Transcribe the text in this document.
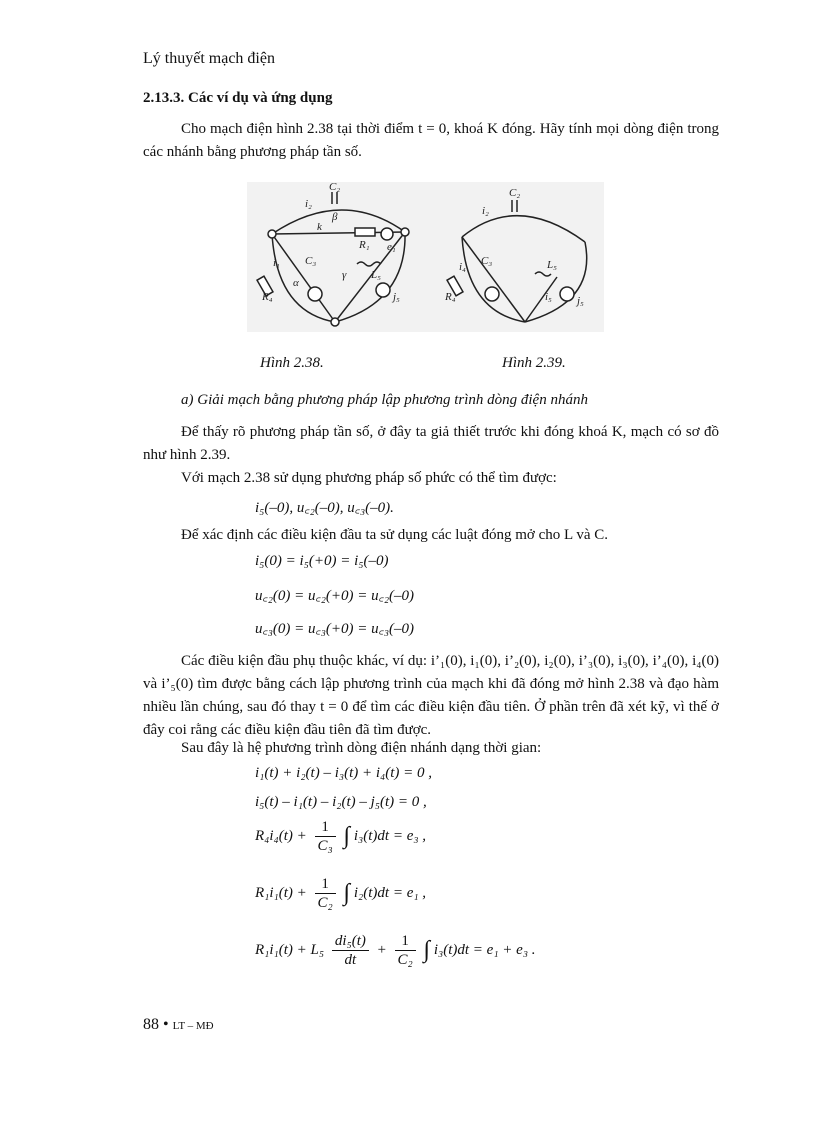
Lý thuyết mạch điện
2.13.3. Các ví dụ và ứng dụng
Cho mạch điện hình 2.38 tại thời điểm t = 0, khoá K đóng. Hãy tính mọi dòng điện trong các nhánh bằng phương pháp tần số.
i₂
C₂
β
k
R₁ e₁
i₁ C₃
L₅
R₄
α
γ
j₅
i₂
C₂
i₄ C₃
i₅
L₅
R₄	j₅
Hình 2.38.	Hình 2.39.
a) Giải mạch bằng phương pháp lập phương trình dòng điện nhánh
Để thấy rõ phương pháp tần số, ở đây ta giả thiết trước khi đóng khoá K, mạch có sơ đồ như hình 2.39.
Với mạch 2.38 sử dụng phương pháp số phức có thể tìm được:
i₅(–0), u꜀₂(–0), u꜀₃(–0).
Để xác định các điều kiện đầu ta sử dụng các luật đóng mở cho L và C.
i₅(0) = i₅(+0) = i₅(–0)
u꜀₂(0) = u꜀₂(+0) = u꜀₂(–0)
u꜀₃(0) = u꜀₃(+0) = u꜀₃(–0)
Các điều kiện đầu phụ thuộc khác, ví dụ: i’₁(0), i₁(0), i’₂(0), i₂(0), i’₃(0), i₃(0), i’₄(0), i₄(0) và i’₅(0) tìm được bằng cách lập phương trình của mạch khi đã đóng mở hình 2.38 và đạo hàm nhiều lần chúng, sau đó thay t = 0 để tìm các điều kiện đầu tiên. Ở phần trên đã xét kỹ, vì thế ở đây coi rằng các điều kiện đầu tiên đã tìm được.
Sau đây là hệ phương trình dòng điện nhánh dạng thời gian:
i₁(t) + i₂(t) – i₃(t) + i₄(t) = 0 ,
i₅(t) – i₁(t) – i₂(t) – j₅(t) = 0 ,
$R_4i_4(t) + \frac{1}{\text{C₃}}$ ∫ i₃(t)dt = e₃ ,
$R_1i_1(t) + \frac{1}{\text{C₂}}$ ∫ i₂(t)dt = e₁ ,
$R_1i_1(t) + L_5 \frac{\text{di₅(t)}}{dt} + \frac{1}{\text{C₂}}$ ∫ i₃(t)dt = e₁ + e₃ .
88 • LT – MĐ
